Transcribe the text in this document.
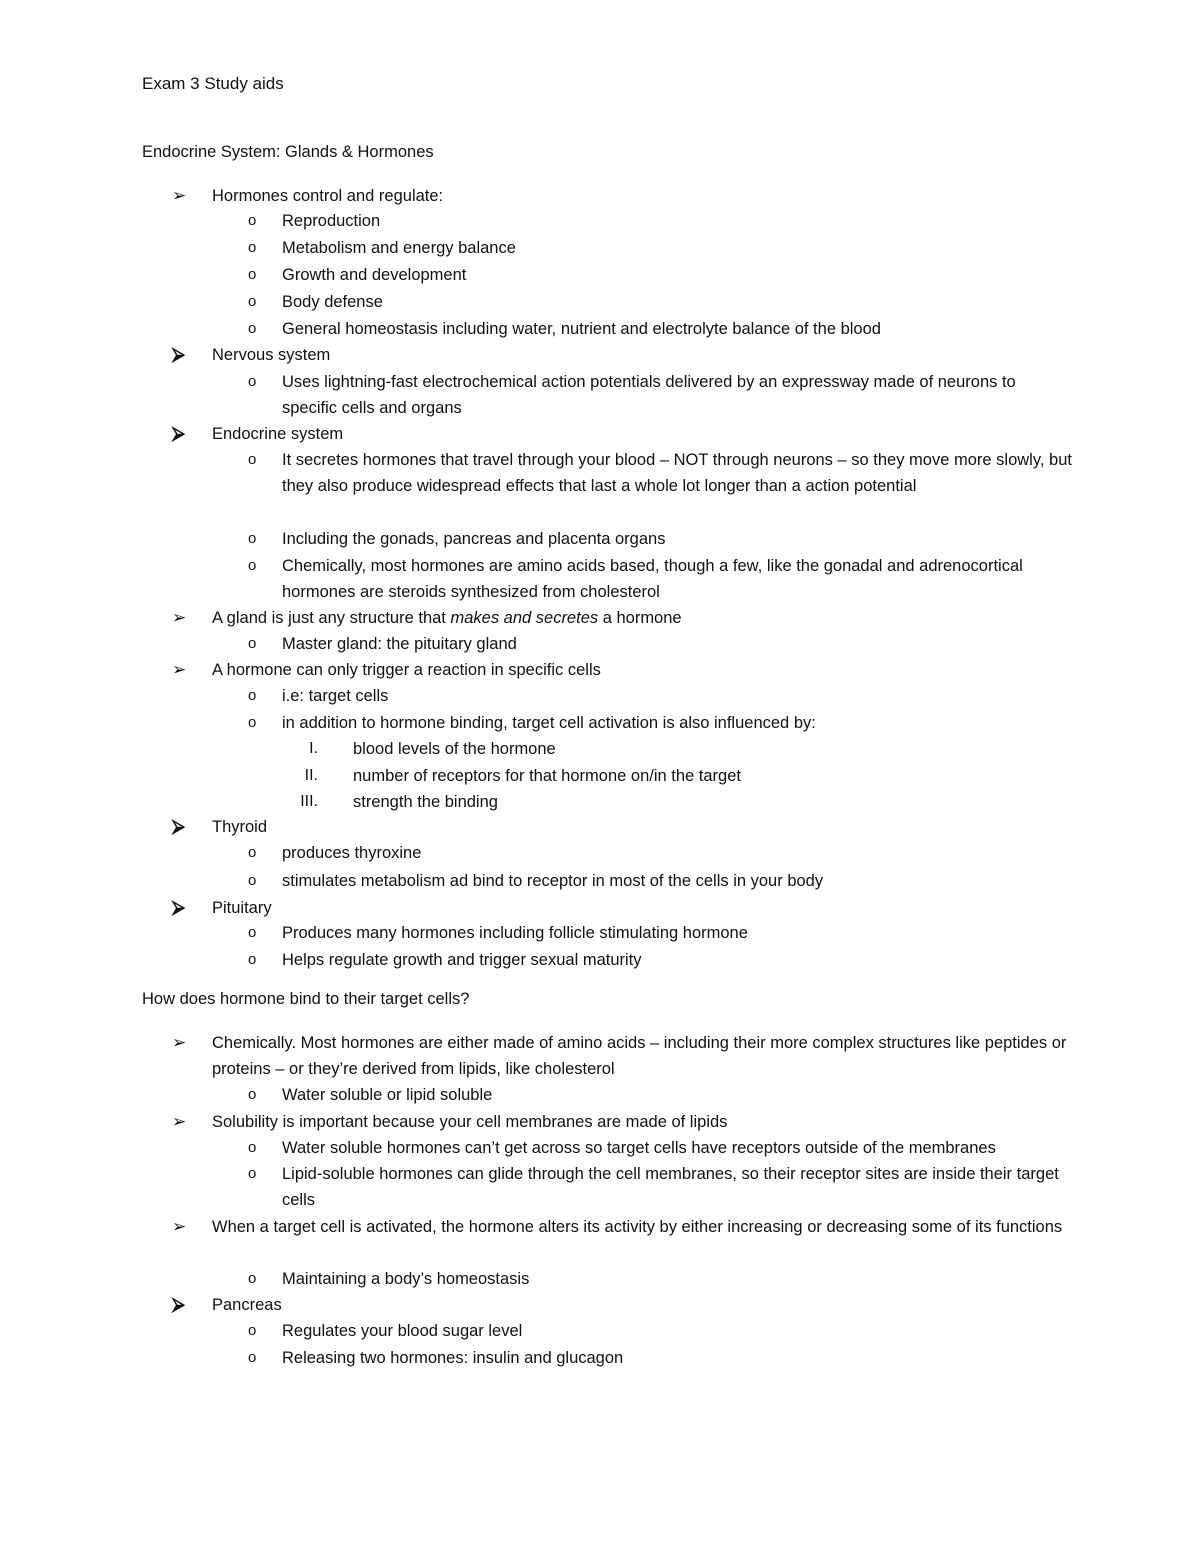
Exam 3 Study aids
Endocrine System: Glands & Hormones
➢	Hormones control and regulate:
o Reproduction
o Metabolism and energy balance
o Growth and development
o Body defense
o General homeostasis including water, nutrient and electrolyte balance of the blood
⮚	Nervous system
o Uses lightning-fast electrochemical action potentials delivered by an expressway made of neurons to specific cells and organs
⮚	Endocrine system
o It secretes hormones that travel through your blood – NOT through neurons – so they move more slowly, but they also produce widespread effects that last a whole lot longer than a action potential
o Including the gonads, pancreas and placenta organs
o Chemically, most hormones are amino acids based, though a few, like the gonadal and adrenocortical hormones are steroids synthesized from cholesterol
➢	A gland is just any structure that makes and secretes a hormone
o Master gland: the pituitary gland
➢	A hormone can only trigger a reaction in specific cells
o i.e: target cells
o in addition to hormone binding, target cell activation is also influenced by:
I. blood levels of the hormone
II. number of receptors for that hormone on/in the target
III. strength the binding
⮚	Thyroid
o produces thyroxine
o stimulates metabolism ad bind to receptor in most of the cells in your body
⮚	Pituitary
o Produces many hormones including follicle stimulating hormone
o Helps regulate growth and trigger sexual maturity
How does hormone bind to their target cells?
➢	Chemically. Most hormones are either made of amino acids – including their more complex structures like peptides or proteins – or they’re derived from lipids, like cholesterol
o Water soluble or lipid soluble
➢	Solubility is important because your cell membranes are made of lipids
o Water soluble hormones can’t get across so target cells have receptors outside of the membranes
o Lipid-soluble hormones can glide through the cell membranes, so their receptor sites are inside their target cells
➢	When a target cell is activated, the hormone alters its activity by either increasing or decreasing some of its functions
o Maintaining a body’s homeostasis
⮚	Pancreas
o Regulates your blood sugar level
o Releasing two hormones: insulin and glucagon
